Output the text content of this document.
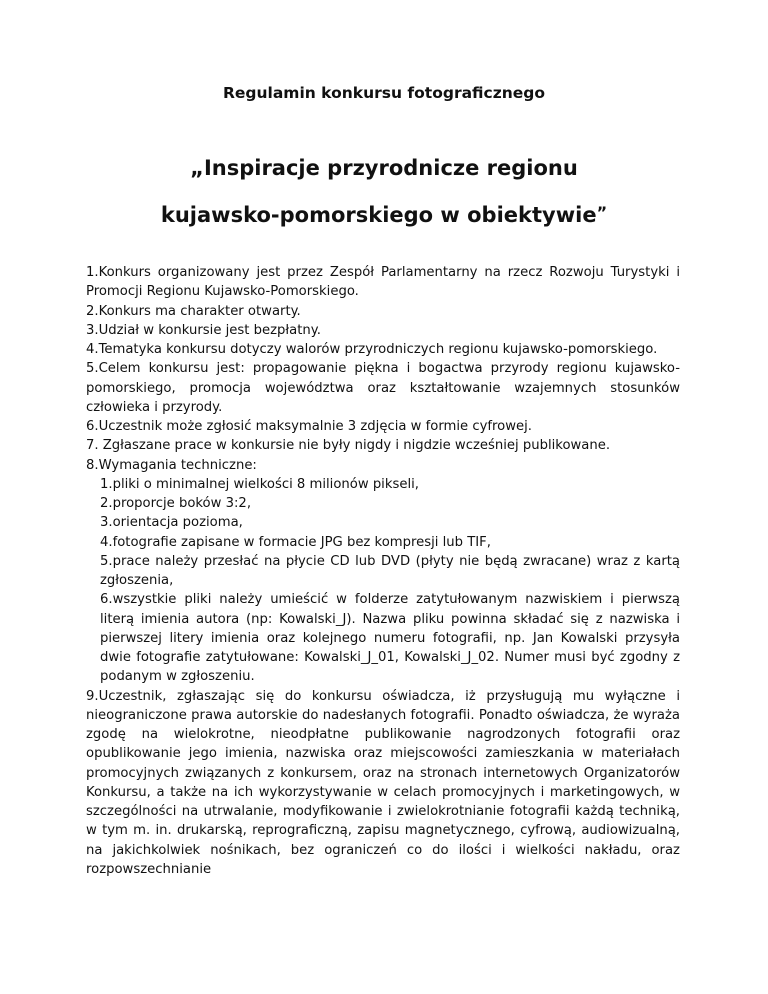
Regulamin konkursu fotograficznego
„Inspiracje przyrodnicze regionu
kujawsko-pomorskiego w obiektywie”

1.Konkurs organizowany jest przez Zespół Parlamentarny na rzecz Rozwoju Turystyki i Promocji Regionu Kujawsko-Pomorskiego.

2.Konkurs ma charakter otwarty.

3.Udział w konkursie jest bezpłatny.

4.Tematyka konkursu dotyczy walorów przyrodniczych regionu kujawsko-pomorskiego.

5.Celem konkursu jest: propagowanie piękna i bogactwa przyrody regionu kujawsko-pomorskiego, promocja województwa oraz kształtowanie wzajemnych stosunków człowieka i przyrody.

6.Uczestnik może zgłosić maksymalnie 3 zdjęcia w formie cyfrowej.

7. Zgłaszane prace w konkursie nie były nigdy i nigdzie wcześniej publikowane.

8.Wymagania techniczne:

1.pliki o minimalnej wielkości 8 milionów pikseli,

2.proporcje boków 3:2,

3.orientacja pozioma,

4.fotografie zapisane w formacie JPG bez kompresji lub TIF,

5.prace należy przesłać na płycie CD lub DVD (płyty nie będą zwracane) wraz z kartą zgłoszenia,

6.wszystkie pliki należy umieścić w folderze zatytułowanym nazwiskiem i pierwszą literą imienia autora (np: Kowalski_J). Nazwa pliku powinna składać się z nazwiska i pierwszej litery imienia oraz kolejnego numeru fotografii, np. Jan Kowalski przysyła dwie fotografie zatytułowane: Kowalski_J_01, Kowalski_J_02. Numer musi być zgodny z podanym w zgłoszeniu.

9.Uczestnik, zgłaszając się do konkursu oświadcza, iż przysługują mu wyłączne i nieograniczone prawa autorskie do nadesłanych fotografii. Ponadto oświadcza, że wyraża zgodę na wielokrotne, nieodpłatne publikowanie nagrodzonych fotografii oraz opublikowanie jego imienia, nazwiska oraz miejscowości zamieszkania w materiałach promocyjnych związanych z konkursem, oraz na stronach internetowych Organizatorów Konkursu, a także na ich wykorzystywanie w celach promocyjnych i marketingowych, w szczególności na utrwalanie, modyfikowanie i zwielokrotnianie fotografii każdą techniką, w tym m. in. drukarską, reprograficzną, zapisu magnetycznego, cyfrową, audiowizualną, na jakichkolwiek nośnikach, bez ograniczeń co do ilości i wielkości nakładu, oraz rozpowszechnianie
